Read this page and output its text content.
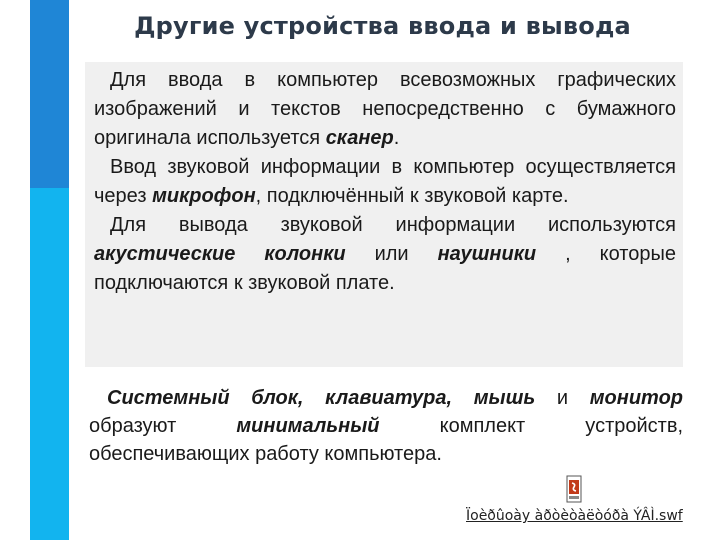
Другие устройства ввода и вывода

Для ввода в компьютер всевозможных графических изображений и текстов непосредственно с бумажного оригинала используется сканер.

Ввод звуковой информации в компьютер осуществляется через микрофон, подключённый к звуковой карте.

Для вывода звуковой информации используются акустические колонки или наушники , которые подключаются к звуковой плате.

Системный блок, клавиатура, мышь и монитор образуют минимальный комплект устройств, обеспечивающих работу компьютера.

Ïoèðûoày àðòèòàëòóðà ÝÂÌ.swf
